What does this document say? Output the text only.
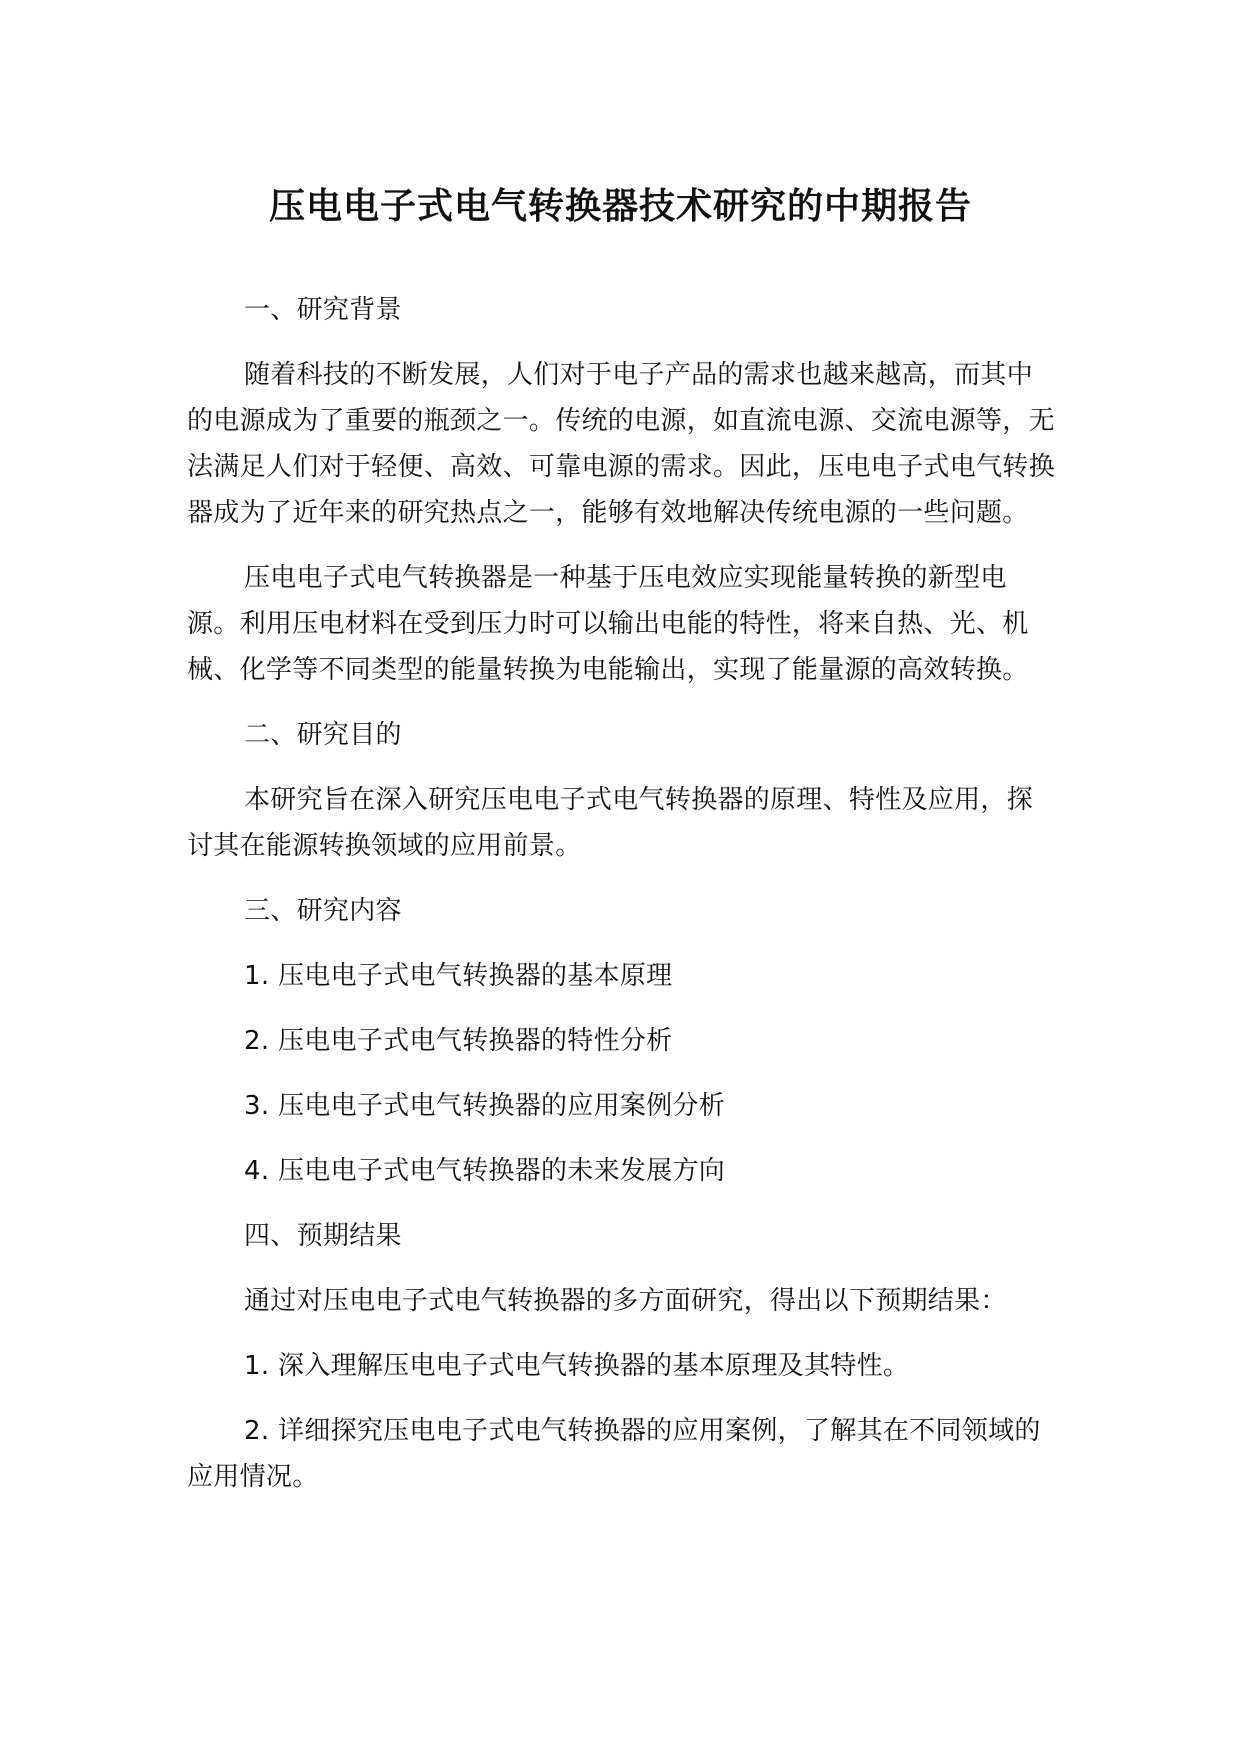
压电电子式电气转换器技术研究的中期报告

一、研究背景

随着科技的不断发展，人们对于电子产品的需求也越来越高，而其中的电源成为了重要的瓶颈之一。传统的电源，如直流电源、交流电源等，无法满足人们对于轻便、高效、可靠电源的需求。因此，压电电子式电气转换器成为了近年来的研究热点之一，能够有效地解决传统电源的一些问题。

压电电子式电气转换器是一种基于压电效应实现能量转换的新型电源。利用压电材料在受到压力时可以输出电能的特性，将来自热、光、机械、化学等不同类型的能量转换为电能输出，实现了能量源的高效转换。

二、研究目的

本研究旨在深入研究压电电子式电气转换器的原理、特性及应用，探讨其在能源转换领域的应用前景。

三、研究内容

1. 压电电子式电气转换器的基本原理

2. 压电电子式电气转换器的特性分析

3. 压电电子式电气转换器的应用案例分析

4. 压电电子式电气转换器的未来发展方向

四、预期结果

通过对压电电子式电气转换器的多方面研究，得出以下预期结果：

1. 深入理解压电电子式电气转换器的基本原理及其特性。

2. 详细探究压电电子式电气转换器的应用案例，了解其在不同领域的应用情况。
